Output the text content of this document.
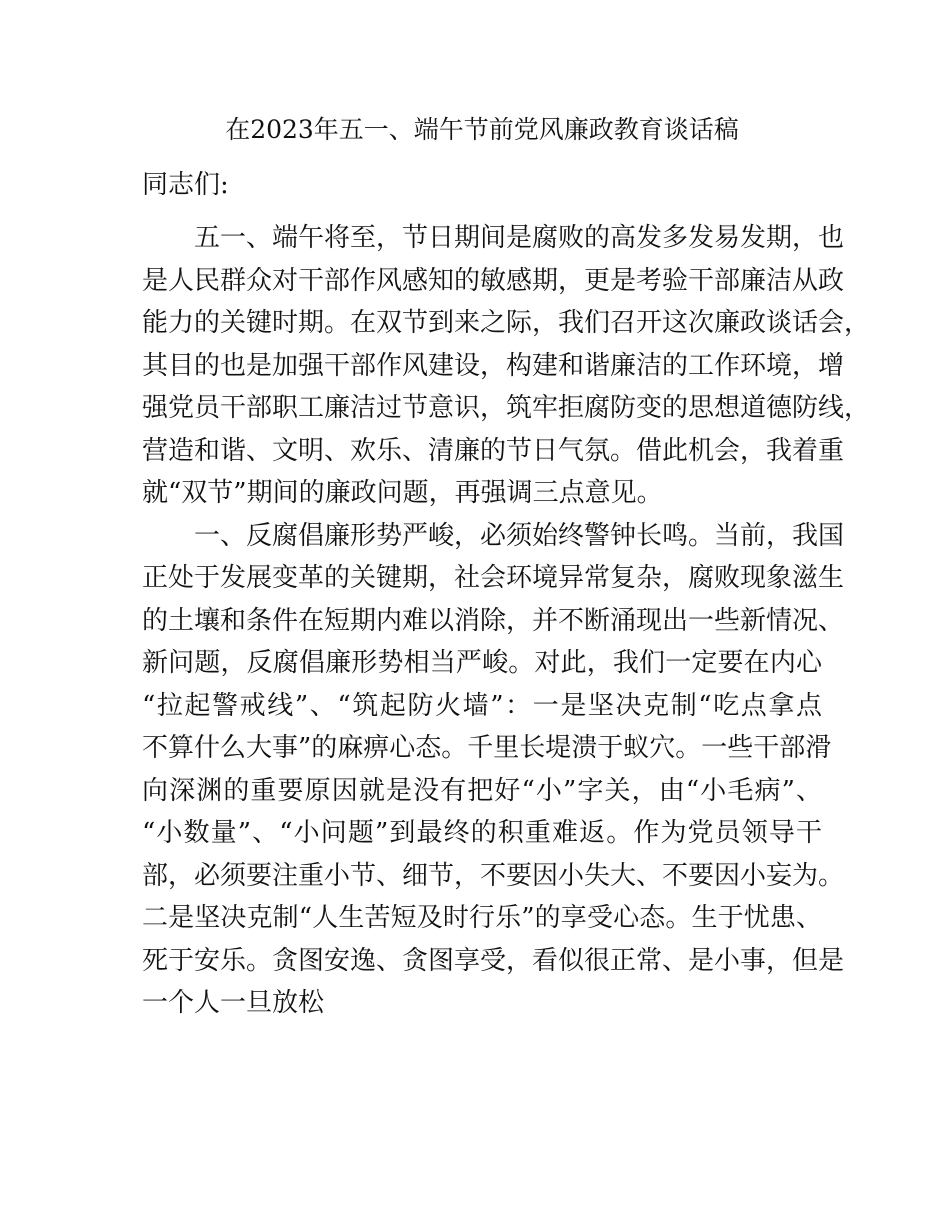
在2023年五一、端午节前党风廉政教育谈话稿
同志们:
五一、端午将至，节日期间是腐败的高发多发易发期，也
是人民群众对干部作风感知的敏感期，更是考验干部廉洁从政
能力的关键时期。在双节到来之际，我们召开这次廉政谈话会，
其目的也是加强干部作风建设，构建和谐廉洁的工作环境，增
强党员干部职工廉洁过节意识，筑牢拒腐防变的思想道德防线，
营造和谐、文明、欢乐、清廉的节日气氛。借此机会，我着重
就“双节”期间的廉政问题，再强调三点意见。
一、反腐倡廉形势严峻，必须始终警钟长鸣。当前，我国
正处于发展变革的关键期，社会环境异常复杂，腐败现象滋生
的土壤和条件在短期内难以消除，并不断涌现出一些新情况、
新问题，反腐倡廉形势相当严峻。对此，我们一定要在内心
“拉起警戒线”、“筑起防火墙”：一是坚决克制“吃点拿点
不算什么大事”的麻痹心态。千里长堤溃于蚁穴。一些干部滑
向深渊的重要原因就是没有把好“小”字关，由“小毛病”、
“小数量”、“小问题”到最终的积重难返。作为党员领导干
部，必须要注重小节、细节，不要因小失大、不要因小妄为。
二是坚决克制“人生苦短及时行乐”的享受心态。生于忧患、
死于安乐。贪图安逸、贪图享受，看似很正常、是小事，但是
一个人一旦放松
